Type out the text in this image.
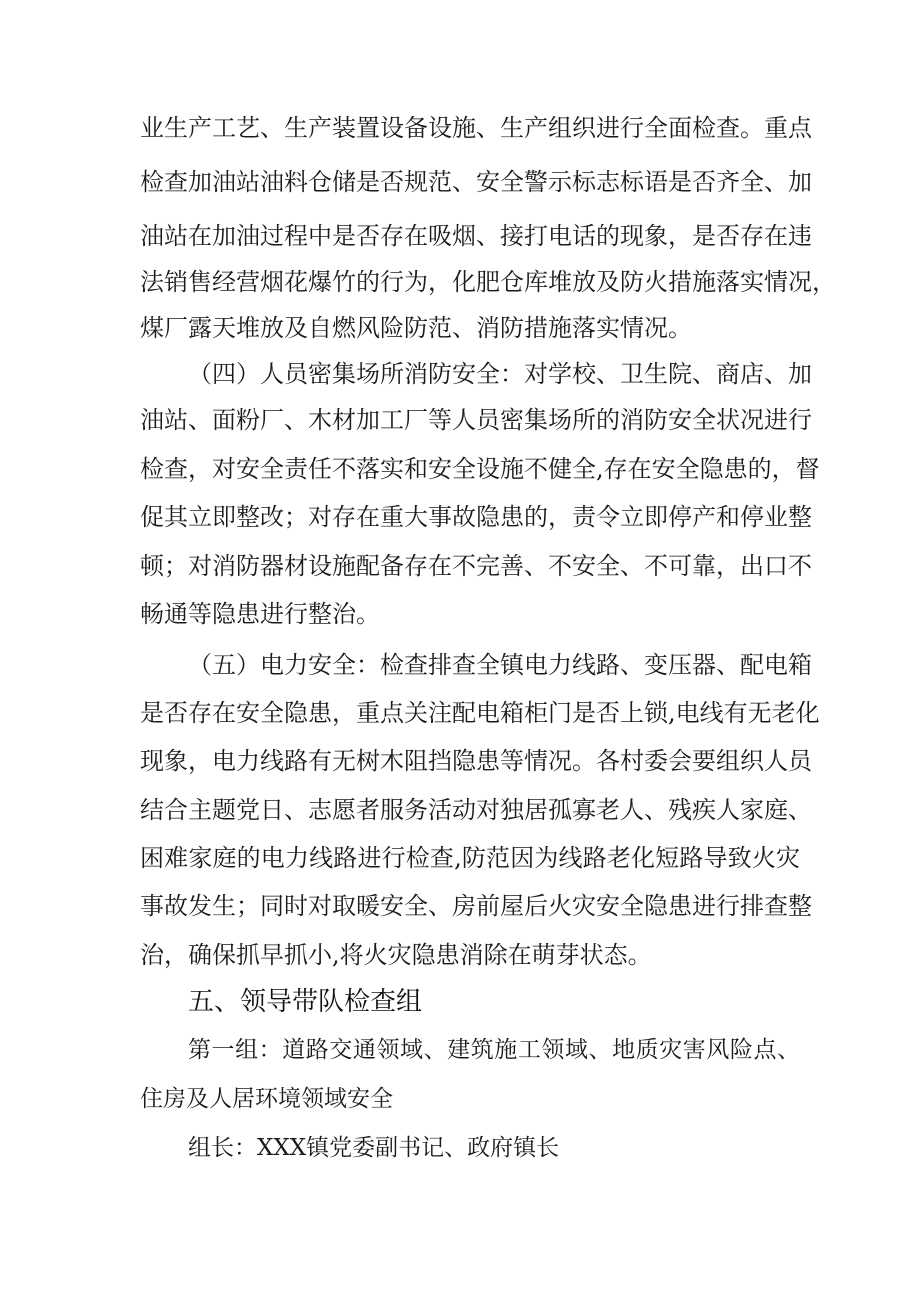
业生产工艺、生产装置设备设施、生产组织进行全面检查。重点
检查加油站油料仓储是否规范、安全警示标志标语是否齐全、加
油站在加油过程中是否存在吸烟、接打电话的现象，是否存在违
法销售经营烟花爆竹的行为，化肥仓库堆放及防火措施落实情况，
煤厂露天堆放及自燃风险防范、消防措施落实情况。
（四）人员密集场所消防安全：对学校、卫生院、商店、加
油站、面粉厂、木材加工厂等人员密集场所的消防安全状况进行
检查，对安全责任不落实和安全设施不健全,存在安全隐患的，督
促其立即整改；对存在重大事故隐患的，责令立即停产和停业整
顿；对消防器材设施配备存在不完善、不安全、不可靠，出口不
畅通等隐患进行整治。
（五）电力安全：检查排查全镇电力线路、变压器、配电箱
是否存在安全隐患，重点关注配电箱柜门是否上锁,电线有无老化
现象，电力线路有无树木阻挡隐患等情况。各村委会要组织人员
结合主题党日、志愿者服务活动对独居孤寡老人、残疾人家庭、
困难家庭的电力线路进行检查,防范因为线路老化短路导致火灾
事故发生；同时对取暖安全、房前屋后火灾安全隐患进行排查整
治，确保抓早抓小,将火灾隐患消除在萌芽状态。
五、领导带队检查组
第一组：道路交通领域、建筑施工领域、地质灾害风险点、
住房及人居环境领域安全
组长：XXX镇党委副书记、政府镇长
